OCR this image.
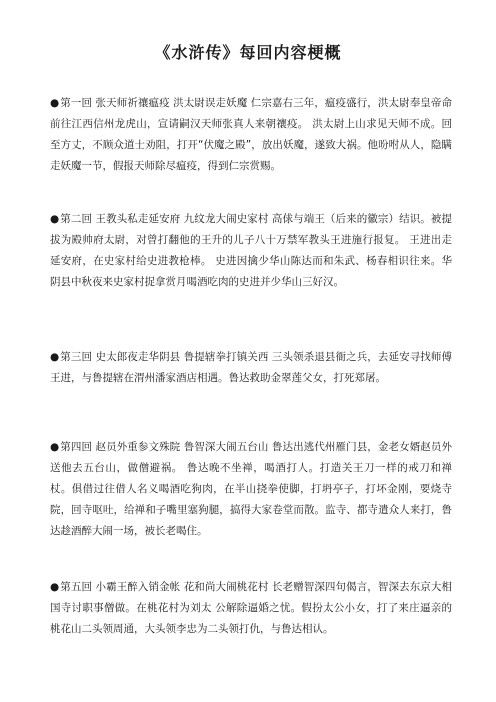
《水浒传》每回内容梗概

●第一回 张天师祈禳瘟疫 洪太尉误走妖魔 仁宗嘉右三年，瘟疫盛行，洪太尉奉皇帝命前往江西信州龙虎山，宣请嗣汉天师张真人来朝禳疫。 洪太尉上山求见天师不成。回至方丈，不顾众道士劝阻，打开“伏魔之殿”，放出妖魔，遂致大祸。他吩咐从人，隐瞒走妖魔一节，假报天师除尽瘟疫，得到仁宗赏赐。

●第二回 王教头私走延安府 九纹龙大闹史家村 高俅与端王（后来的徽宗）结识。被提拔为殿帅府太尉，对曾打翻他的王升的儿子八十万禁军教头王进施行报复。 王进出走延安府，在史家村给史进教枪棒。 史进因擒少华山陈达而和朱武、杨春相识往来。华阴县中秋夜来史家村捉拿赏月喝酒吃肉的史进并少华山三好汉。

●第三回 史太郎夜走华阴县 鲁提辖拳打镇关西 三头领杀退县衙之兵，去延安寻找师傅王进，与鲁提辖在渭州潘家酒店相遇。鲁达救助金翠莲父女，打死郑屠。

●第四回 赵员外重参文殊院 鲁智深大闹五台山 鲁达出逃代州雁门县，金老女婿赵员外送他去五台山，做僧避祸。 鲁达晚不坐禅，喝酒打人。打造关王刀一样的戒刀和禅杖。俱借过往借人名义喝酒吃狗肉，在半山挠拳使脚，打坍亭子，打坏金刚，要烧寺院，回寺呕吐，给禅和子嘴里塞狗腿，搞得大家卷堂而散。监寺、都寺遣众人来打，鲁达趁酒醉大闹一场，被长老喝住。

●第五回 小霸王醉入销金帐 花和尚大闹桃花村 长老赠智深四句偈言，智深去东京大相国寺讨职事僧做。在桃花村为刘太 公解除逼婚之忧。假扮太公小女，打了来庄逼亲的桃花山二头领周通，大头领李忠为二头领打仇，与鲁达相认。
